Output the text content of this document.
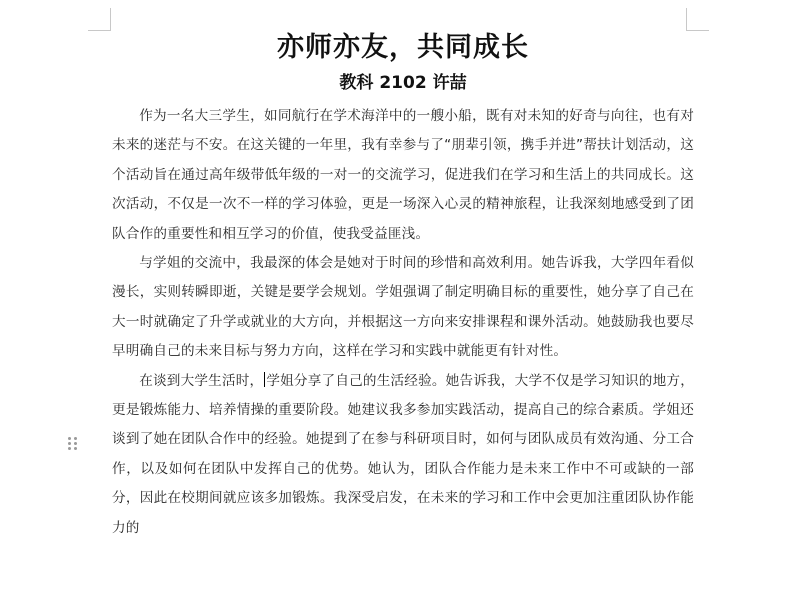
亦师亦友，共同成长
教科 2102 许喆

作为一名大三学生，如同航行在学术海洋中的一艘小船，既有对未知的好奇与向往，也有对未来的迷茫与不安。在这关键的一年里，我有幸参与了“朋辈引领，携手并进”帮扶计划活动，这个活动旨在通过高年级带低年级的一对一的交流学习，促进我们在学习和生活上的共同成长。这次活动，不仅是一次不一样的学习体验，更是一场深入心灵的精神旅程，让我深刻地感受到了团队合作的重要性和相互学习的价值，使我受益匪浅。

与学姐的交流中，我最深的体会是她对于时间的珍惜和高效利用。她告诉我，大学四年看似漫长，实则转瞬即逝，关键是要学会规划。学姐强调了制定明确目标的重要性，她分享了自己在大一时就确定了升学或就业的大方向，并根据这一方向来安排课程和课外活动。她鼓励我也要尽早明确自己的未来目标与努力方向，这样在学习和实践中就能更有针对性。

在谈到大学生活时， 学姐分享了自己的生活经验。她告诉我，大学不仅是学习知识的地方，更是锻炼能力、培养情操的重要阶段。她建议我多参加实践活动，提高自己的综合素质。学姐还谈到了她在团队合作中的经验。她提到了在参与科研项目时，如何与团队成员有效沟通、分工合作，以及如何在团队中发挥自己的优势。她认为，团队合作能力是未来工作中不可或缺的一部分，因此在校期间就应该多加锻炼。我深受启发，在未来的学习和工作中会更加注重团队协作能力的
